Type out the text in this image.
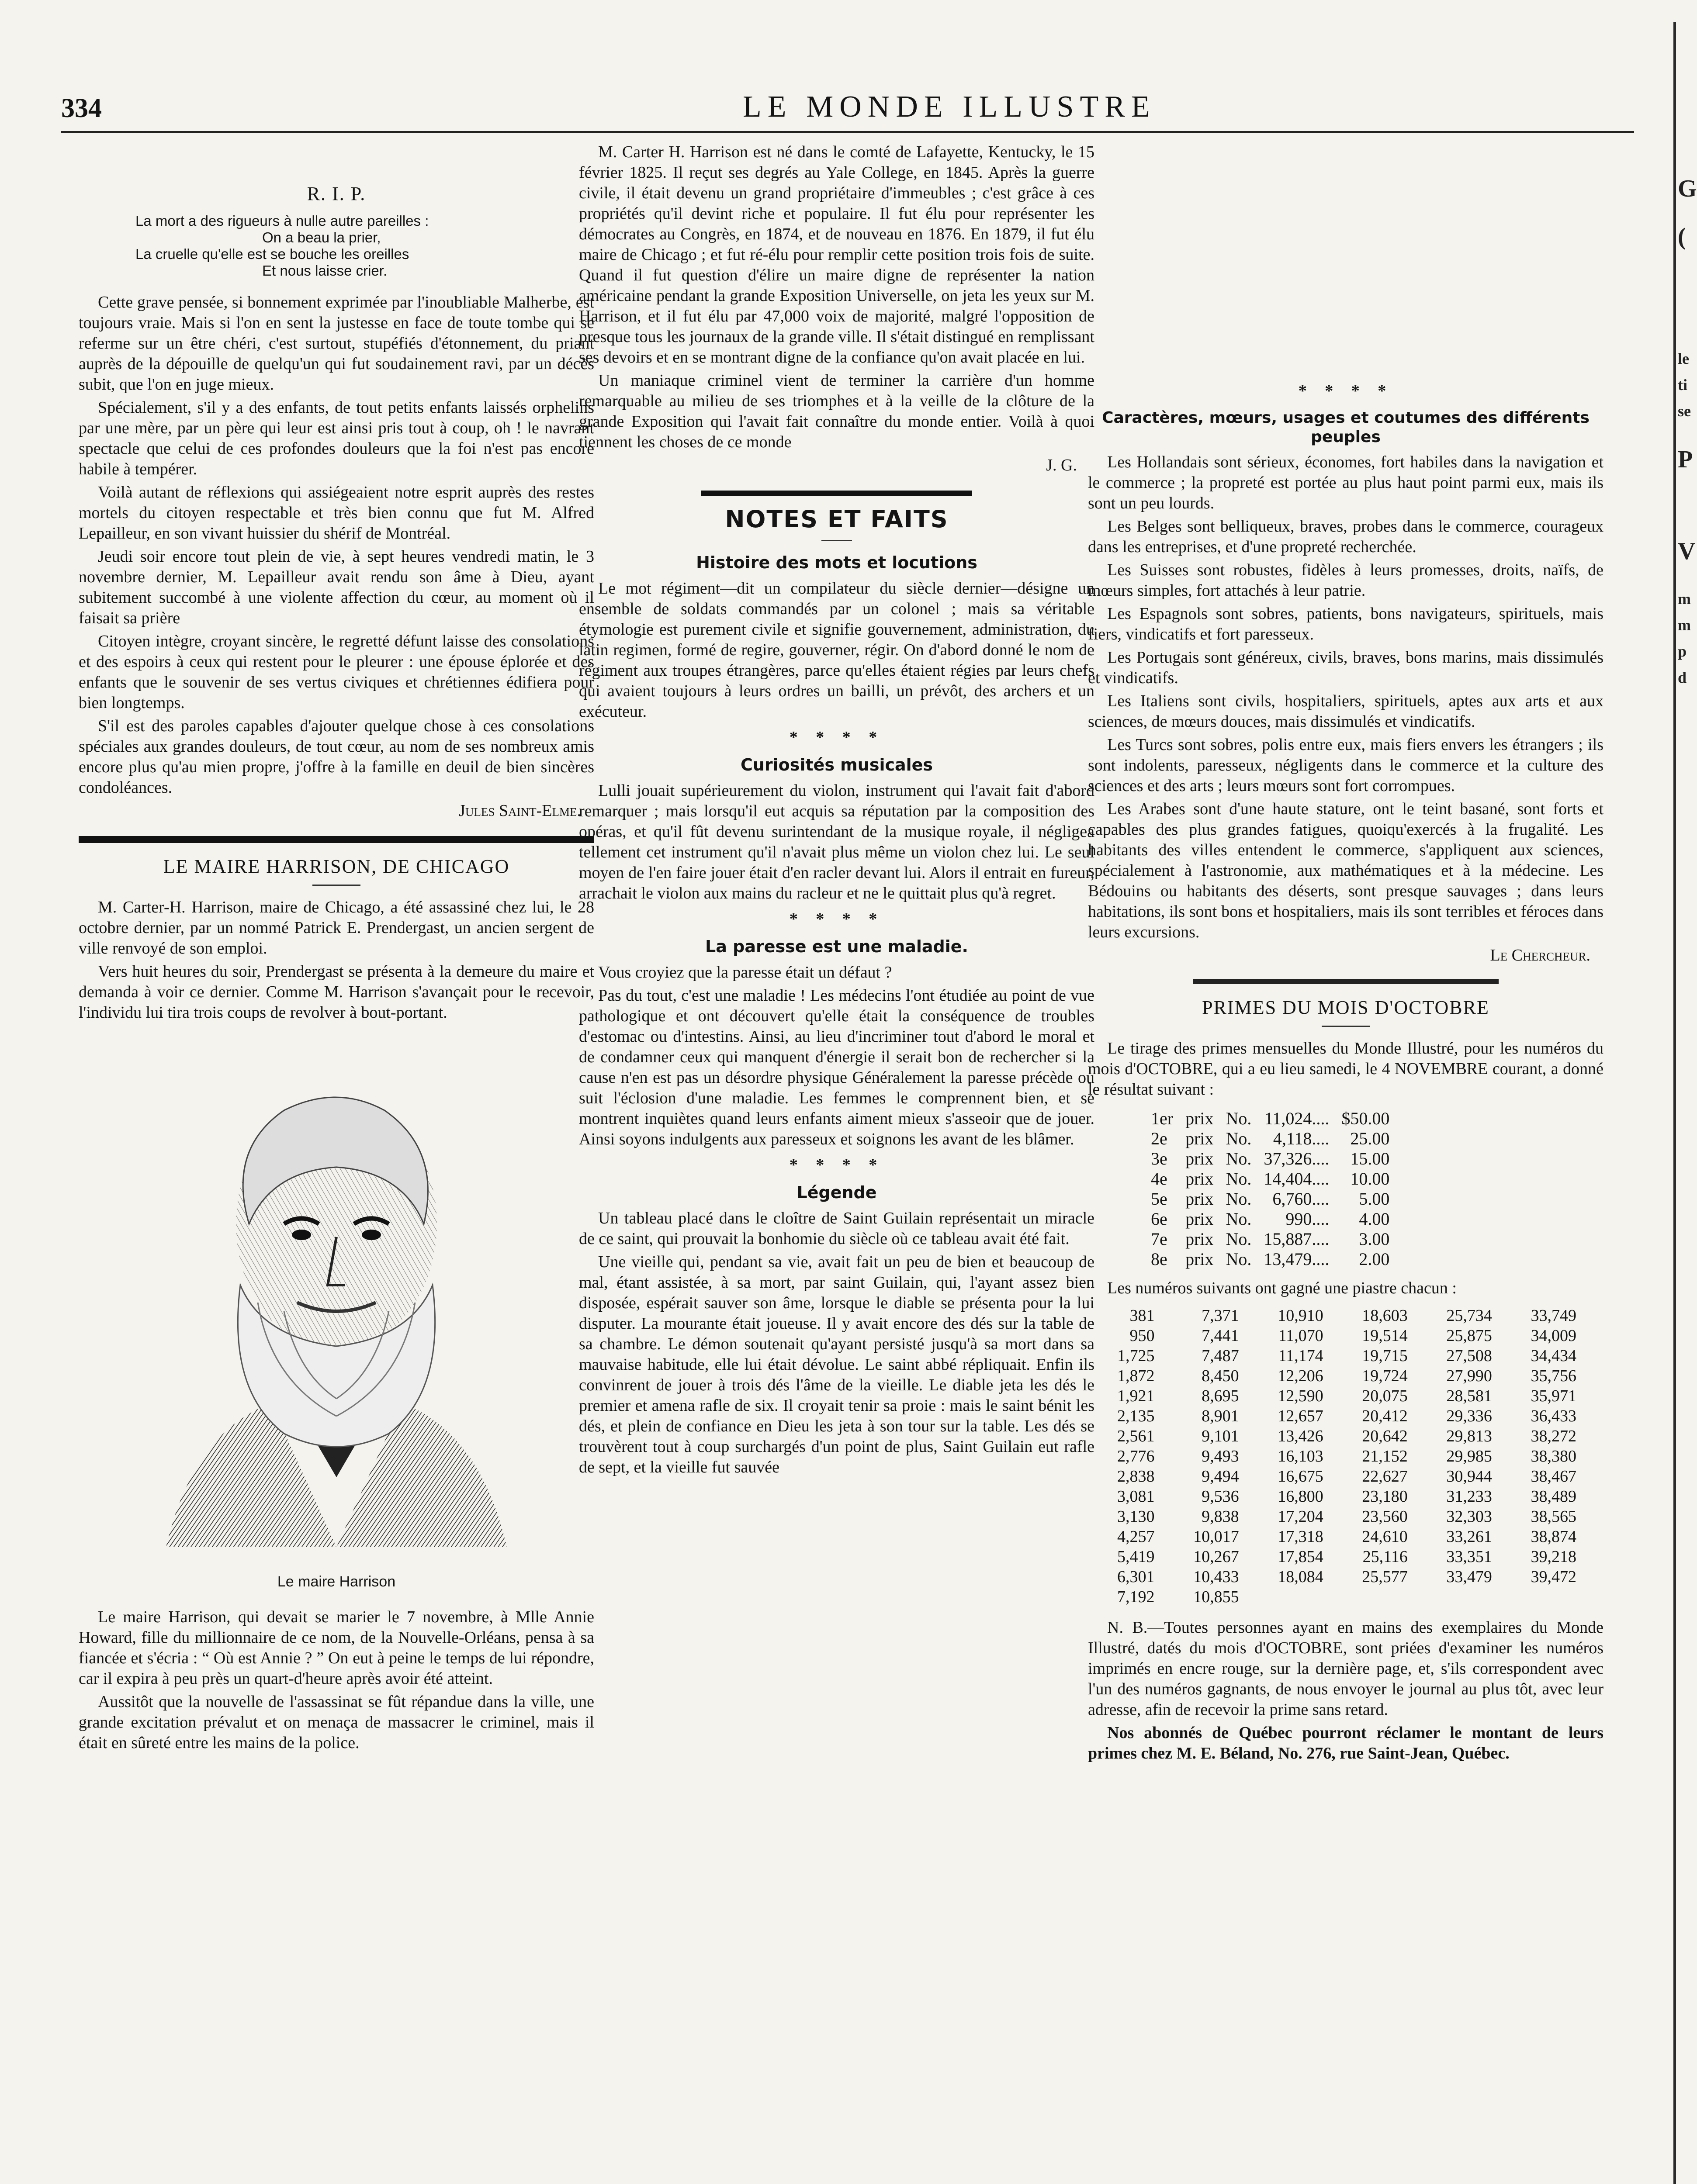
334	LE MONDE ILLUSTRE
R. I. P.
La mort a des rigueurs à nulle autre pareilles :
On a beau la prier,
La cruelle qu'elle est se bouche les oreilles
Et nous laisse crier.

Cette grave pensée, si bonnement exprimée par l'inoubliable Malherbe, est toujours vraie. Mais si l'on en sent la justesse en face de toute tombe qui se referme sur un être chéri, c'est surtout, stupéfiés d'étonnement, du priant auprès de la dépouille de quelqu'un qui fut soudainement ravi, par un décès subit, que l'on en juge mieux.

Spécialement, s'il y a des enfants, de tout petits enfants laissés orphelins par une mère, par un père qui leur est ainsi pris tout à coup, oh ! le navrant spectacle que celui de ces profondes douleurs que la foi n'est pas encore habile à tempérer.

Voilà autant de réflexions qui assiégeaient notre esprit auprès des restes mortels du citoyen respectable et très bien connu que fut M. Alfred Lepailleur, en son vivant huissier du shérif de Montréal.

Jeudi soir encore tout plein de vie, à sept heures vendredi matin, le 3 novembre dernier, M. Lepailleur avait rendu son âme à Dieu, ayant subitement succombé à une violente affection du cœur, au moment où il faisait sa prière

Citoyen intègre, croyant sincère, le regretté défunt laisse des consolations et des espoirs à ceux qui restent pour le pleurer : une épouse éplorée et des enfants que le souvenir de ses vertus civiques et chrétiennes édifiera pour bien longtemps.

S'il est des paroles capables d'ajouter quelque chose à ces consolations spéciales aux grandes douleurs, de tout cœur, au nom de ses nombreux amis encore plus qu'au mien propre, j'offre à la famille en deuil de bien sincères condoléances.

Jules Saint-Elme.

LE MAIRE HARRISON, DE CHICAGO

M. Carter-H. Harrison, maire de Chicago, a été assassiné chez lui, le 28 octobre dernier, par un nommé Patrick E. Prendergast, un ancien sergent de ville renvoyé de son emploi.

Vers huit heures du soir, Prendergast se présenta à la demeure du maire et demanda à voir ce dernier. Comme M. Harrison s'avançait pour le recevoir, l'individu lui tira trois coups de revolver à bout-portant.

Le maire Harrison

Le maire Harrison, qui devait se marier le 7 novembre, à Mlle Annie Howard, fille du millionnaire de ce nom, de la Nouvelle-Orléans, pensa à sa fiancée et s'écria : “ Où est Annie ? ” On eut à peine le temps de lui répondre, car il expira à peu près un quart-d'heure après avoir été atteint.

Aussitôt que la nouvelle de l'assassinat se fût répandue dans la ville, une grande excitation prévalut et on menaça de massacrer le criminel, mais il était en sûreté entre les mains de la police.

M. Carter H. Harrison est né dans le comté de Lafayette, Kentucky, le 15 février 1825. Il reçut ses degrés au Yale College, en 1845. Après la guerre civile, il était devenu un grand propriétaire d'immeubles ; c'est grâce à ces propriétés qu'il devint riche et populaire. Il fut élu pour représenter les démocrates au Congrès, en 1874, et de nouveau en 1876. En 1879, il fut élu maire de Chicago ; et fut ré-élu pour remplir cette position trois fois de suite. Quand il fut question d'élire un maire digne de représenter la nation américaine pendant la grande Exposition Universelle, on jeta les yeux sur M. Harrison, et il fut élu par 47,000 voix de majorité, malgré l'opposition de presque tous les journaux de la grande ville. Il s'était distingué en remplissant ses devoirs et en se montrant digne de la confiance qu'on avait placée en lui.

Un maniaque criminel vient de terminer la carrière d'un homme remarquable au milieu de ses triomphes et à la veille de la clôture de la grande Exposition qui l'avait fait connaître du monde entier. Voilà à quoi tiennent les choses de ce monde

J. G.

NOTES ET FAITS
Histoire des mots et locutions

Le mot régiment—dit un compilateur du siècle dernier—désigne un ensemble de soldats commandés par un colonel ; mais sa véritable étymologie est purement civile et signifie gouvernement, administration, du latin regimen, formé de regire, gouverner, régir. On d'abord donné le nom de régiment aux troupes étrangères, parce qu'elles étaient régies par leurs chefs qui avaient toujours à leurs ordres un bailli, un prévôt, des archers et un exécuteur.

* * * *
Curiosités musicales

Lulli jouait supérieurement du violon, instrument qui l'avait fait d'abord remarquer ; mais lorsqu'il eut acquis sa réputation par la composition des opéras, et qu'il fût devenu surintendant de la musique royale, il négligea tellement cet instrument qu'il n'avait plus même un violon chez lui. Le seul moyen de l'en faire jouer était d'en racler devant lui. Alors il entrait en fureur, arrachait le violon aux mains du racleur et ne le quittait plus qu'à regret.

* * * *
La paresse est une maladie.

Vous croyiez que la paresse était un défaut ?

Pas du tout, c'est une maladie ! Les médecins l'ont étudiée au point de vue pathologique et ont découvert qu'elle était la conséquence de troubles d'estomac ou d'intestins. Ainsi, au lieu d'incriminer tout d'abord le moral et de condamner ceux qui manquent d'énergie il serait bon de rechercher si la cause n'en est pas un désordre physique Généralement la paresse précède ou suit l'éclosion d'une maladie. Les femmes le comprennent bien, et se montrent inquiètes quand leurs enfants aiment mieux s'asseoir que de jouer. Ainsi soyons indulgents aux paresseux et soignons les avant de les blâmer.

* * * *
Légende

Un tableau placé dans le cloître de Saint Guilain représentait un miracle de ce saint, qui prouvait la bonhomie du siècle où ce tableau avait été fait.

Une vieille qui, pendant sa vie, avait fait un peu de bien et beaucoup de mal, étant assistée, à sa mort, par saint Guilain, qui, l'ayant assez bien disposée, espérait sauver son âme, lorsque le diable se présenta pour la lui disputer. La mourante était joueuse. Il y avait encore des dés sur la table de sa chambre. Le démon soutenait qu'ayant persisté jusqu'à sa mort dans sa mauvaise habitude, elle lui était dévolue. Le saint abbé répliquait. Enfin ils convinrent de jouer à trois dés l'âme de la vieille. Le diable jeta les dés le premier et amena rafle de six. Il croyait tenir sa proie : mais le saint bénit les dés, et plein de confiance en Dieu les jeta à son tour sur la table. Les dés se trouvèrent tout à coup surchargés d'un point de plus, Saint Guilain eut rafle de sept, et la vieille fut sauvée

* * * *
Caractères, mœurs, usages et coutumes des différents peuples

Les Hollandais sont sérieux, économes, fort habiles dans la navigation et le commerce ; la propreté est portée au plus haut point parmi eux, mais ils sont un peu lourds.

Les Belges sont belliqueux, braves, probes dans le commerce, courageux dans les entreprises, et d'une propreté recherchée.

Les Suisses sont robustes, fidèles à leurs promesses, droits, naïfs, de mœurs simples, fort attachés à leur patrie.

Les Espagnols sont sobres, patients, bons navigateurs, spirituels, mais fiers, vindicatifs et fort paresseux.

Les Portugais sont généreux, civils, braves, bons marins, mais dissimulés et vindicatifs.

Les Italiens sont civils, hospitaliers, spirituels, aptes aux arts et aux sciences, de mœurs douces, mais dissimulés et vindicatifs.

Les Turcs sont sobres, polis entre eux, mais fiers envers les étrangers ; ils sont indolents, paresseux, négligents dans le commerce et la culture des sciences et des arts ; leurs mœurs sont fort corrompues.

Les Arabes sont d'une haute stature, ont le teint basané, sont forts et capables des plus grandes fatigues, quoiqu'exercés à la frugalité. Les habitants des villes entendent le commerce, s'appliquent aux sciences, spécialement à l'astronomie, aux mathématiques et à la médecine. Les Bédouins ou habitants des déserts, sont presque sauvages ; dans leurs habitations, ils sont bons et hospitaliers, mais ils sont terribles et féroces dans leurs excursions.

Le Chercheur.

PRIMES DU MOIS D'OCTOBRE

Le tirage des primes mensuelles du Monde Illustré, pour les numéros du mois d'OCTOBRE, qui a eu lieu samedi, le 4 NOVEMBRE courant, a donné le résultat suivant :

1er	prix	No.	11,024....	$50.00
2e	prix	No.	4,118....	25.00
3e	prix	No.	37,326....	15.00
4e	prix	No.	14,404....	10.00
5e	prix	No.	6,760....	5.00
6e	prix	No.	990....	4.00
7e	prix	No.	15,887....	3.00
8e	prix	No.	13,479....	2.00

Les numéros suivants ont gagné une piastre chacun :

381	7,371	10,910	18,603	25,734	33,749
950	7,441	11,070	19,514	25,875	34,009
1,725	7,487	11,174	19,715	27,508	34,434
1,872	8,450	12,206	19,724	27,990	35,756
1,921	8,695	12,590	20,075	28,581	35,971
2,135	8,901	12,657	20,412	29,336	36,433
2,561	9,101	13,426	20,642	29,813	38,272
2,776	9,493	16,103	21,152	29,985	38,380
2,838	9,494	16,675	22,627	30,944	38,467
3,081	9,536	16,800	23,180	31,233	38,489
3,130	9,838	17,204	23,560	32,303	38,565
4,257	10,017	17,318	24,610	33,261	38,874
5,419	10,267	17,854	25,116	33,351	39,218
6,301	10,433	18,084	25,577	33,479	39,472
7,192	10,855				

N. B.—Toutes personnes ayant en mains des exemplaires du Monde Illustré, datés du mois d'OCTOBRE, sont priées d'examiner les numéros imprimés en encre rouge, sur la dernière page, et, s'ils correspondent avec l'un des numéros gagnants, de nous envoyer le journal au plus tôt, avec leur adresse, afin de recevoir la prime sans retard.

Nos abonnés de Québec pourront réclamer le montant de leurs primes chez M. E. Béland, No. 276, rue Saint-Jean, Québec.

G
(
le
ti
se
P
V
m
m
p
d
